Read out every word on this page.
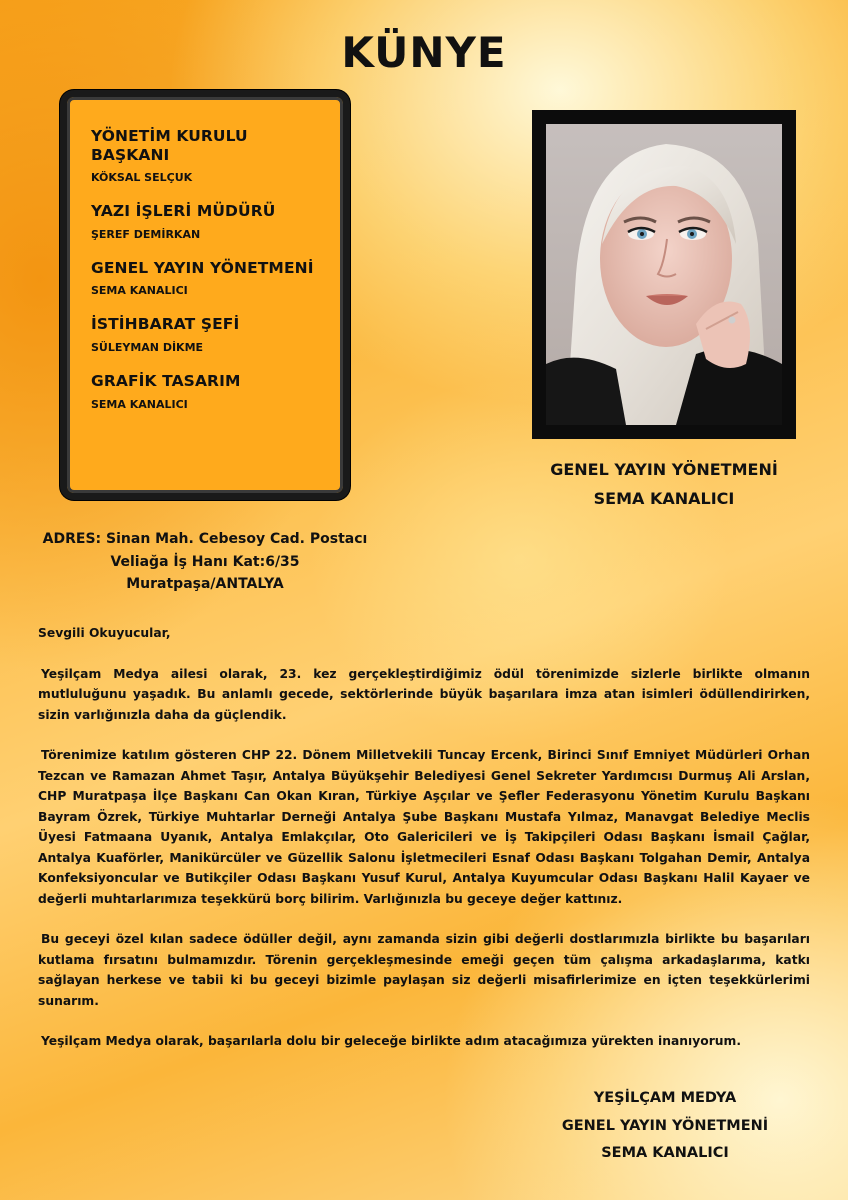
KÜNYE
YÖNETİM KURULU BAŞKANI
KÖKSAL SELÇUK
YAZI İŞLERİ MÜDÜRÜ
ŞEREF DEMİRKAN
GENEL YAYIN YÖNETMENİ
SEMA KANALICI
İSTİHBARAT ŞEFİ
SÜLEYMAN DİKME
GRAFİK TASARIM
SEMA KANALICI
GENEL YAYIN YÖNETMENİ
SEMA KANALICI
ADRES: Sinan Mah. Cebesoy Cad. Postacı
Veliağa İş Hanı Kat:6/35
Muratpaşa/ANTALYA

Sevgili Okuyucular,

Yeşilçam Medya ailesi olarak, 23. kez gerçekleştirdiğimiz ödül törenimizde sizlerle birlikte olmanın mutluluğunu yaşadık. Bu anlamlı gecede, sektörlerinde büyük başarılara imza atan isimleri ödüllendirirken, sizin varlığınızla daha da güçlendik.

Törenimize katılım gösteren CHP 22. Dönem Milletvekili Tuncay Ercenk, Birinci Sınıf Emniyet Müdürleri Orhan Tezcan ve Ramazan Ahmet Taşır, Antalya Büyükşehir Belediyesi Genel Sekreter Yardımcısı Durmuş Ali Arslan, CHP Muratpaşa İlçe Başkanı Can Okan Kıran, Türkiye Aşçılar ve Şefler Federasyonu Yönetim Kurulu Başkanı Bayram Özrek, Türkiye Muhtarlar Derneği Antalya Şube Başkanı Mustafa Yılmaz, Manavgat Belediye Meclis Üyesi Fatmaana Uyanık, Antalya Emlakçılar, Oto Galericileri ve İş Takipçileri Odası Başkanı İsmail Çağlar, Antalya Kuaförler, Manikürcüler ve Güzellik Salonu İşletmecileri Esnaf Odası Başkanı Tolgahan Demir, Antalya Konfeksiyoncular ve Butikçiler Odası Başkanı Yusuf Kurul, Antalya Kuyumcular Odası Başkanı Halil Kayaer ve değerli muhtarlarımıza teşekkürü borç bilirim. Varlığınızla bu geceye değer kattınız.

Bu geceyi özel kılan sadece ödüller değil, aynı zamanda sizin gibi değerli dostlarımızla birlikte bu başarıları kutlama fırsatını bulmamızdır. Törenin gerçekleşmesinde emeği geçen tüm çalışma arkadaşlarıma, katkı sağlayan herkese ve tabii ki bu geceyi bizimle paylaşan siz değerli misafirlerimize en içten teşekkürlerimi sunarım.

Yeşilçam Medya olarak, başarılarla dolu bir geleceğe birlikte adım atacağımıza yürekten inanıyorum.

YEŞİLÇAM MEDYA
GENEL YAYIN YÖNETMENİ
SEMA KANALICI
